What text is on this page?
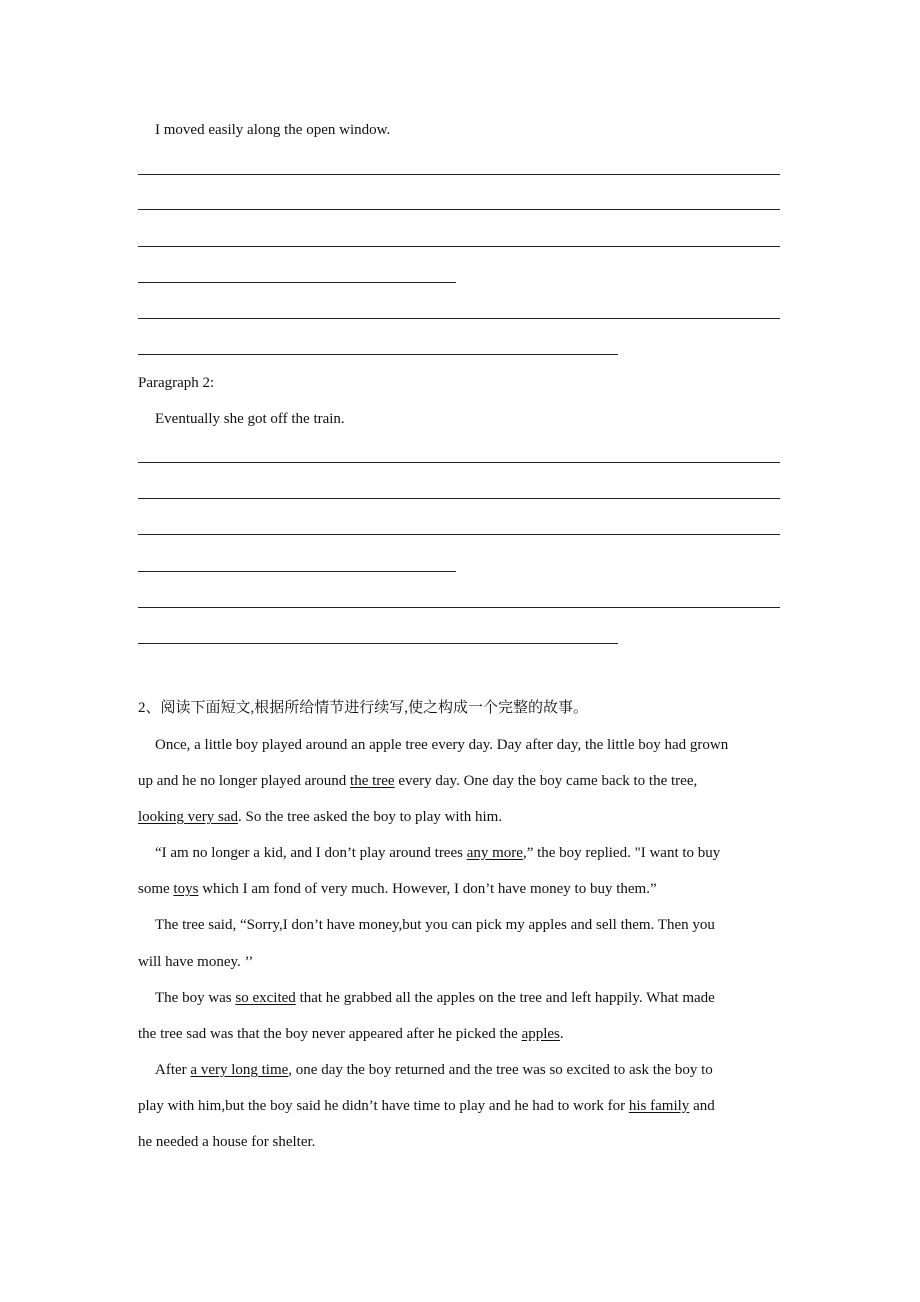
I moved easily along the open window.
Paragraph 2:
Eventually she got off the train.
2、阅读下面短文,根据所给情节进行续写,使之构成一个完整的故事。
Once, a little boy played around an apple tree every day. Day after day, the little boy had grown
up and he no longer played around the tree every day. One day the boy came back to the tree,
looking very sad. So the tree asked the boy to play with him.
“I am no longer a kid, and I don’t play around trees any more,” the boy replied. "I want to buy
some toys which I am fond of very much. However, I don’t have money to buy them.”
The tree said, “Sorry,I don’t have money,but you can pick my apples and sell them. Then you
will have money. ’’
The boy was so excited that he grabbed all the apples on the tree and left happily. What made
the tree sad was that the boy never appeared after he picked the apples.
After a very long time, one day the boy returned and the tree was so excited to ask the boy to
play with him,but the boy said he didn’t have time to play and he had to work for his family and
he needed a house for shelter.
